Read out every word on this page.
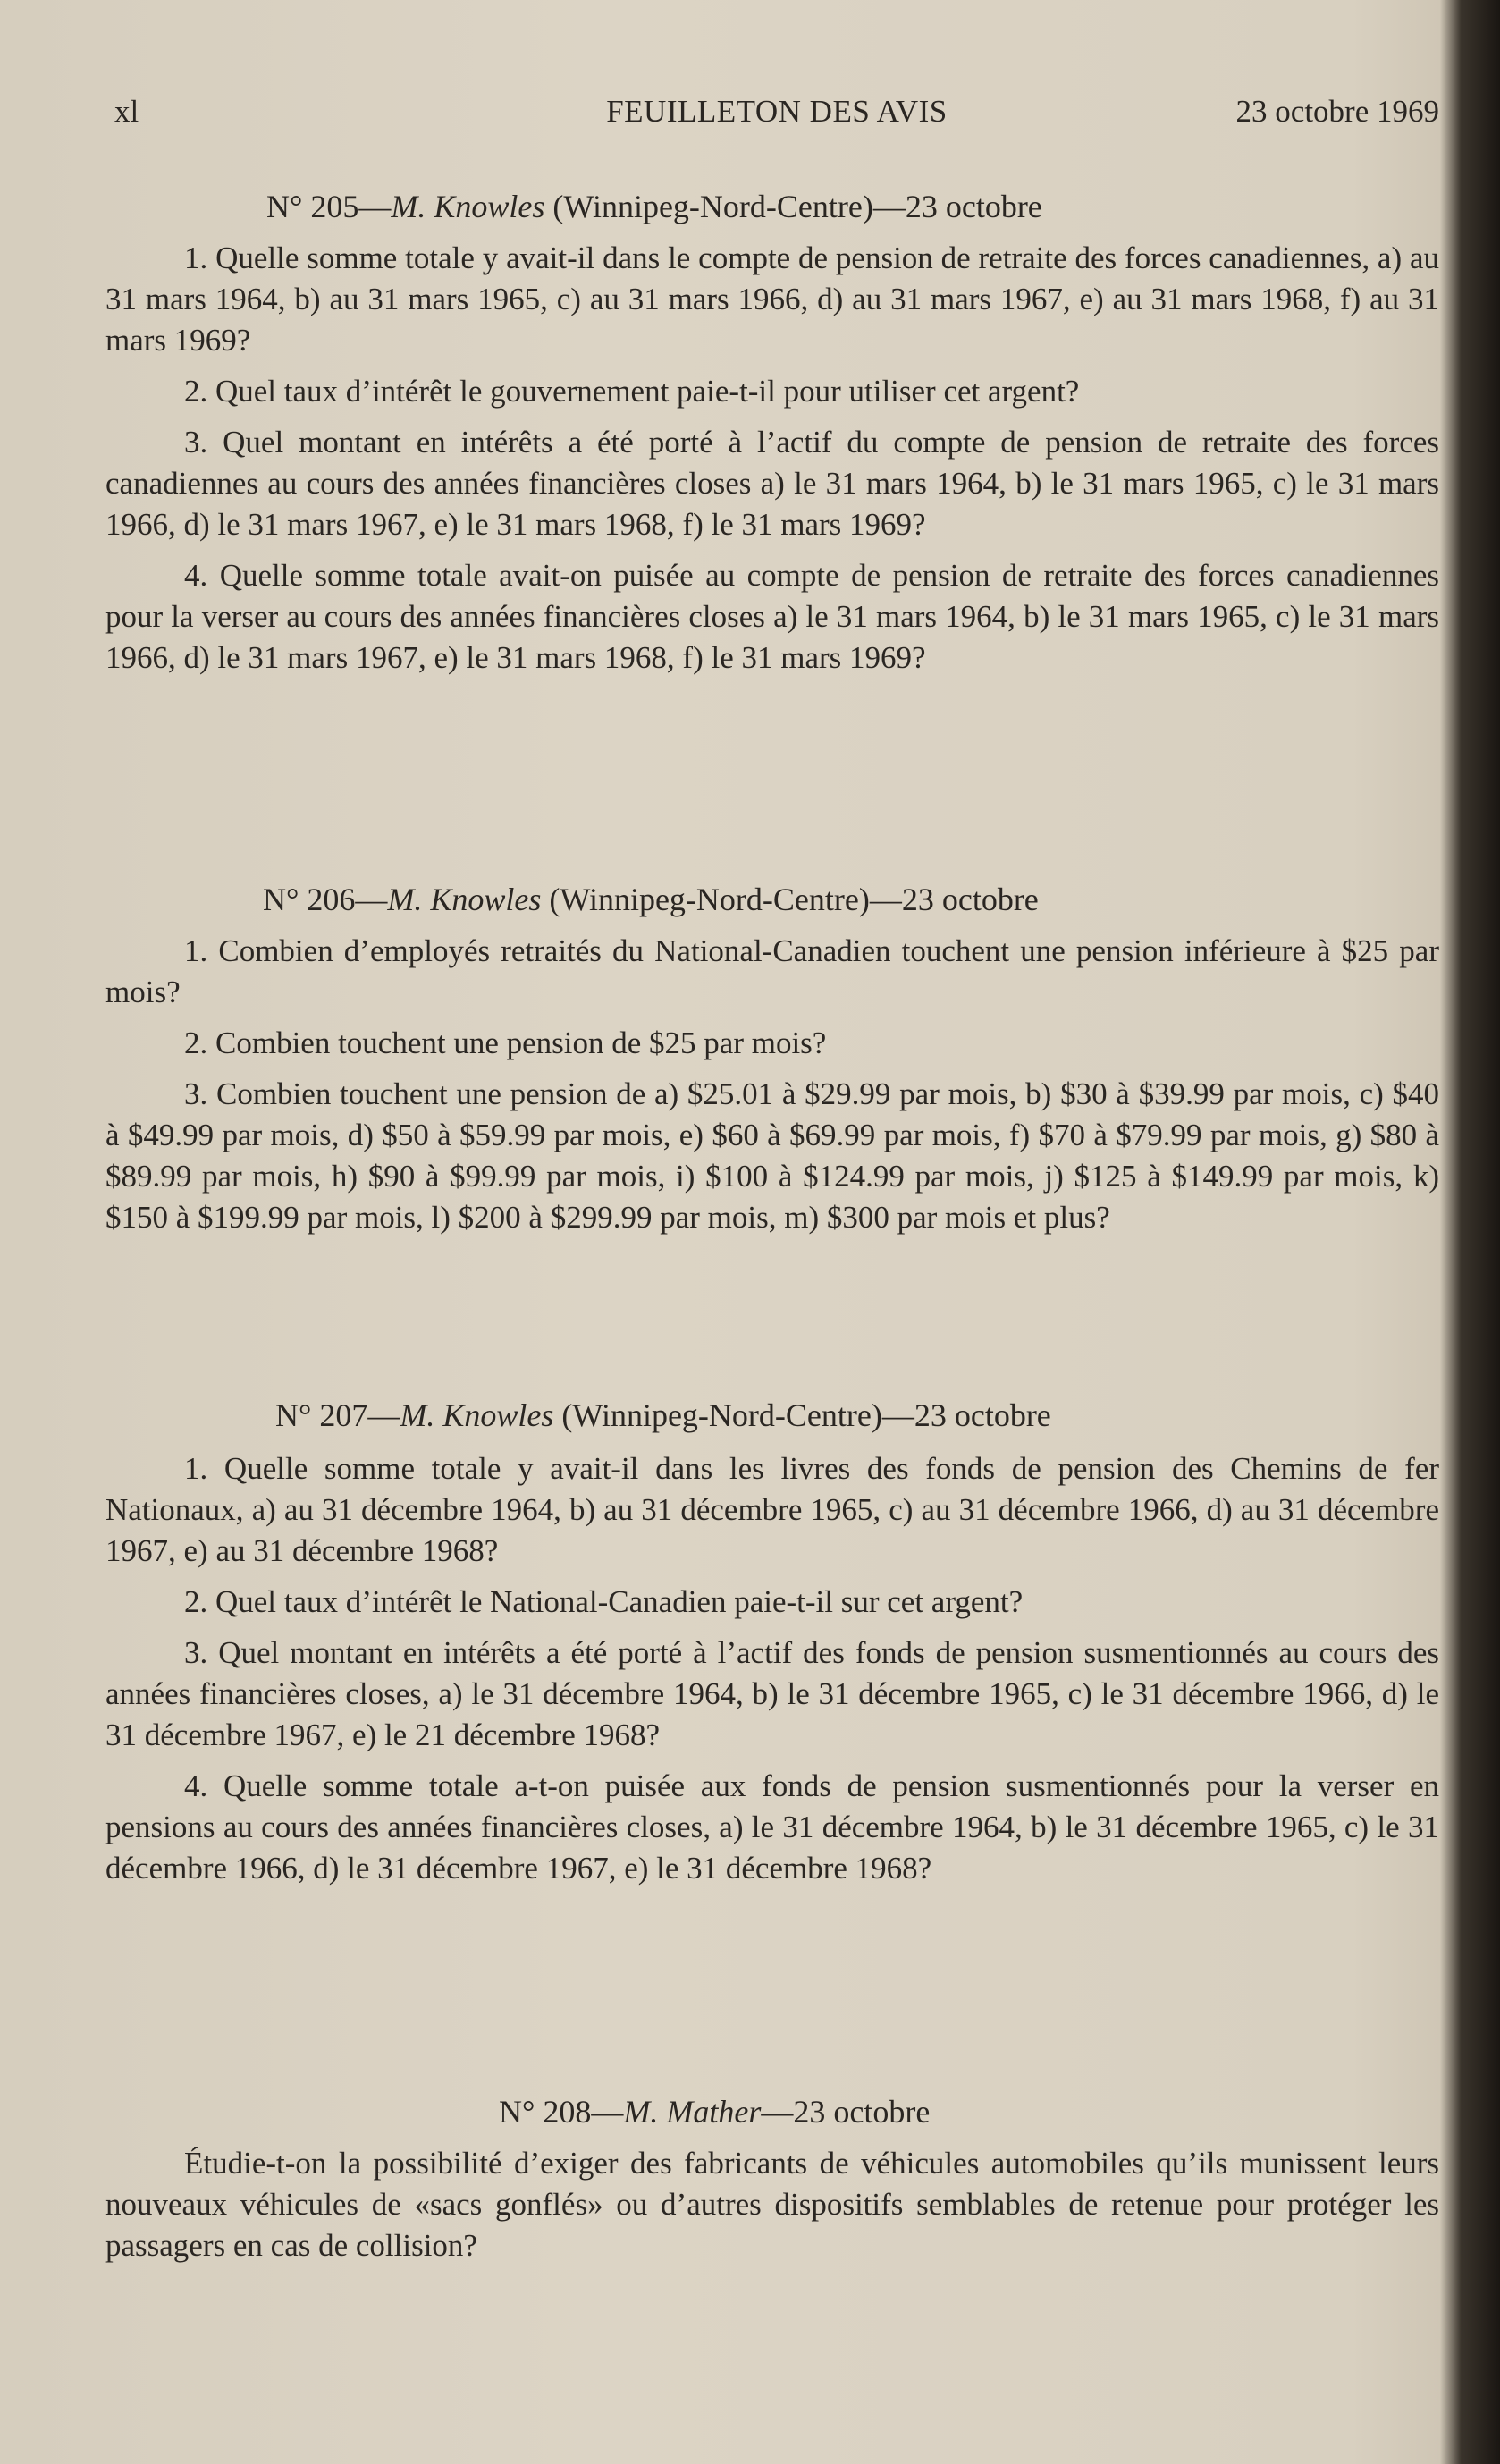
xl	FEUILLETON DES AVIS	23 octobre 1969
N° 205—M. Knowles (Winnipeg-Nord-Centre)—23 octobre

1. Quelle somme totale y avait-il dans le compte de pension de retraite des forces canadiennes, a) au 31 mars 1964, b) au 31 mars 1965, c) au 31 mars 1966, d) au 31 mars 1967, e) au 31 mars 1968, f) au 31 mars 1969?

2. Quel taux d’intérêt le gouvernement paie-t-il pour utiliser cet argent?

3. Quel montant en intérêts a été porté à l’actif du compte de pension de retraite des forces canadiennes au cours des années financières closes a) le 31 mars 1964, b) le 31 mars 1965, c) le 31 mars 1966, d) le 31 mars 1967, e) le 31 mars 1968, f) le 31 mars 1969?

4. Quelle somme totale avait-on puisée au compte de pension de retraite des forces canadiennes pour la verser au cours des années financières closes a) le 31 mars 1964, b) le 31 mars 1965, c) le 31 mars 1966, d) le 31 mars 1967, e) le 31 mars 1968, f) le 31 mars 1969?

N° 206—M. Knowles (Winnipeg-Nord-Centre)—23 octobre

1. Combien d’employés retraités du National-Canadien touchent une pension inférieure à $25 par mois?

2. Combien touchent une pension de $25 par mois?

3. Combien touchent une pension de a) $25.01 à $29.99 par mois, b) $30 à $39.99 par mois, c) $40 à $49.99 par mois, d) $50 à $59.99 par mois, e) $60 à $69.99 par mois, f) $70 à $79.99 par mois, g) $80 à $89.99 par mois, h) $90 à $99.99 par mois, i) $100 à $124.99 par mois, j) $125 à $149.99 par mois, k) $150 à $199.99 par mois, l) $200 à $299.99 par mois, m) $300 par mois et plus?

N° 207—M. Knowles (Winnipeg-Nord-Centre)—23 octobre

1. Quelle somme totale y avait-il dans les livres des fonds de pension des Chemins de fer Nationaux, a) au 31 décembre 1964, b) au 31 décembre 1965, c) au 31 décembre 1966, d) au 31 décembre 1967, e) au 31 décembre 1968?

2. Quel taux d’intérêt le National-Canadien paie-t-il sur cet argent?

3. Quel montant en intérêts a été porté à l’actif des fonds de pension susmentionnés au cours des années financières closes, a) le 31 décembre 1964, b) le 31 décembre 1965, c) le 31 décembre 1966, d) le 31 décembre 1967, e) le 21 décembre 1968?

4. Quelle somme totale a-t-on puisée aux fonds de pension susmentionnés pour la verser en pensions au cours des années financières closes, a) le 31 décembre 1964, b) le 31 décembre 1965, c) le 31 décembre 1966, d) le 31 décembre 1967, e) le 31 décembre 1968?

N° 208—M. Mather—23 octobre

Étudie-t-on la possibilité d’exiger des fabricants de véhicules automobiles qu’ils munissent leurs nouveaux véhicules de «sacs gonflés» ou d’autres dispositifs semblables de retenue pour protéger les passagers en cas de collision?
